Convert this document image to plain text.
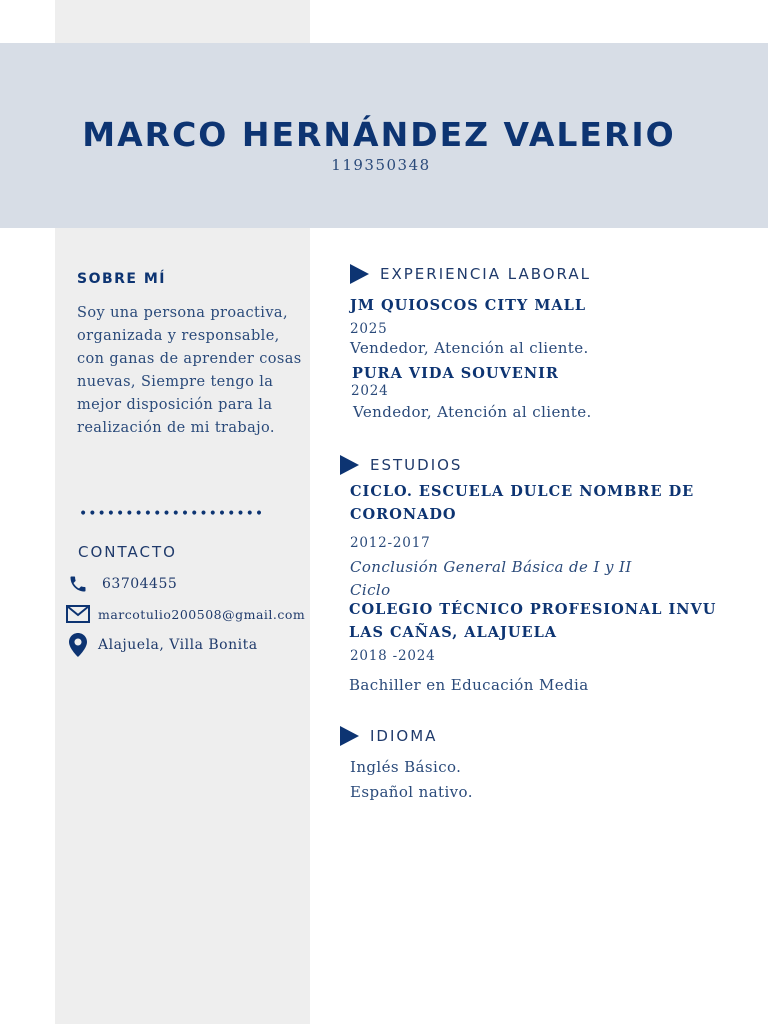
MARCO HERNÁNDEZ VALERIO
119350348
SOBRE MÍ
Soy una persona proactiva, organizada y responsable, con ganas de aprender cosas nuevas, Siempre tengo la mejor disposición para la realización de mi trabajo.
••••••••••••••••••••
CONTACTO
63704455
marcotulio200508@gmail.com
Alajuela, Villa Bonita
EXPERIENCIA LABORAL
JM QUIOSCOS CITY MALL
2025
Vendedor, Atención al cliente.
PURA VIDA SOUVENIR
2024
Vendedor, Atención al cliente.
ESTUDIOS
CICLO. ESCUELA DULCE NOMBRE DE
CORONADO
2012-2017
Conclusión General Básica de I y II
Ciclo
COLEGIO TÉCNICO PROFESIONAL INVU
LAS CAÑAS, ALAJUELA
2018 -2024
Bachiller en Educación Media
IDIOMA
Inglés Básico.
Español nativo.
